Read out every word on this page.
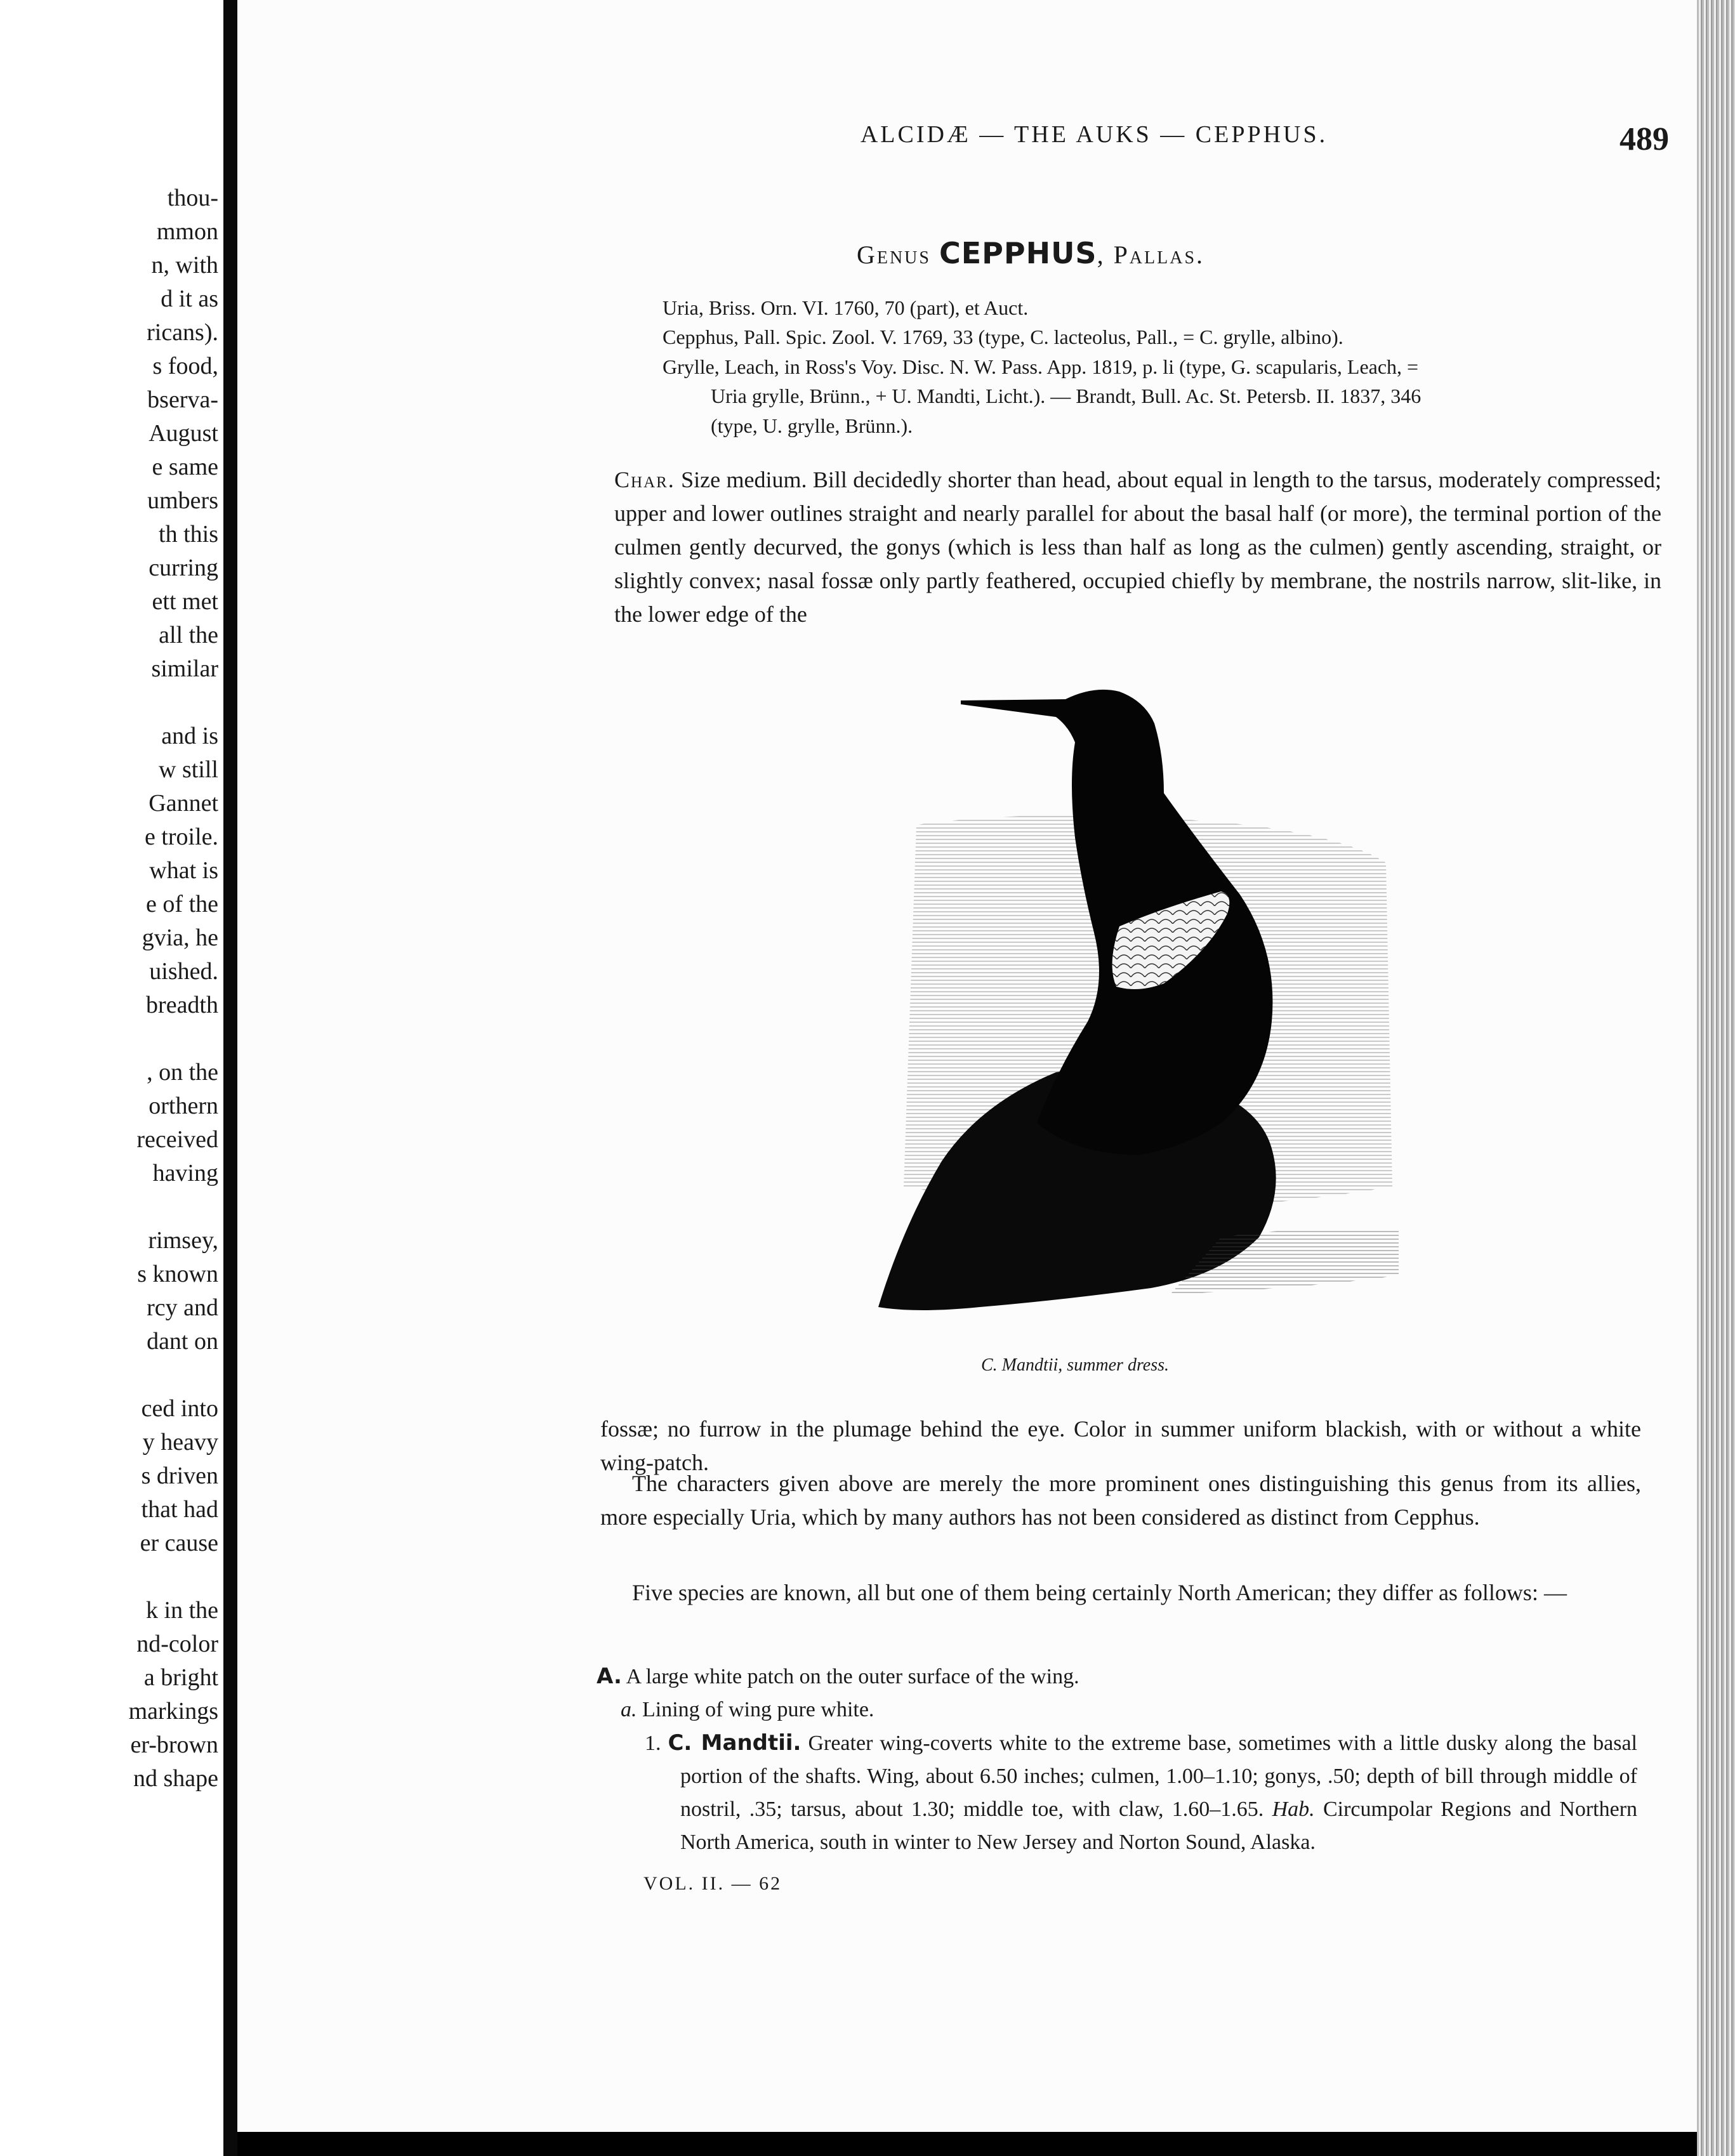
thou-
mmon
n, with
d it as
ricans).
s food,
bserva-
August
e same
umbers
th this
curring
ett met
all the
similar
and is
w still
Gannet
e troile.
what is
e of the
gvia, he
uished.
breadth
, on the
orthern
received
having
rimsey,
s known
rcy and
dant on
ced into
y heavy
s driven
that had
er cause
k in the
nd-color
a bright
markings
er-brown
nd shape
ALCIDÆ — THE AUKS — CEPPHUS.	489
Genus CEPPHUS, Pallas.

Uria, Briss. Orn. VI. 1760, 70 (part), et Auct.

Cepphus, Pall. Spic. Zool. V. 1769, 33 (type, C. lacteolus, Pall., = C. grylle, albino).

Grylle, Leach, in Ross's Voy. Disc. N. W. Pass. App. 1819, p. li (type, G. scapularis, Leach, =

Uria grylle, Brünn., + U. Mandti, Licht.). — Brandt, Bull. Ac. St. Petersb. II. 1837, 346

(type, U. grylle, Brünn.).

Char. Size medium. Bill decidedly shorter than head, about equal in length to the tarsus, moderately compressed; upper and lower outlines straight and nearly parallel for about the basal half (or more), the terminal portion of the culmen gently decurved, the gonys (which is less than half as long as the culmen) gently ascending, straight, or slightly convex; nasal fossæ only partly feathered, occupied chiefly by membrane, the nostrils narrow, slit-like, in the lower edge of the
C. Mandtii, summer dress.
fossæ; no furrow in the plumage behind the eye. Color in summer uniform blackish, with or without a white wing-patch.
The characters given above are merely the more prominent ones distinguishing this genus from its allies, more especially Uria, which by many authors has not been considered as distinct from Cepphus.
Five species are known, all but one of them being certainly North American; they differ as follows: —

A. A large white patch on the outer surface of the wing.

a. Lining of wing pure white.

1. C. Mandtii. Greater wing-coverts white to the extreme base, sometimes with a little dusky along the basal portion of the shafts. Wing, about 6.50 inches; culmen, 1.00–1.10; gonys, .50; depth of bill through middle of nostril, .35; tarsus, about 1.30; middle toe, with claw, 1.60–1.65. Hab. Circumpolar Regions and Northern North America, south in winter to New Jersey and Norton Sound, Alaska.

VOL. II. — 62
